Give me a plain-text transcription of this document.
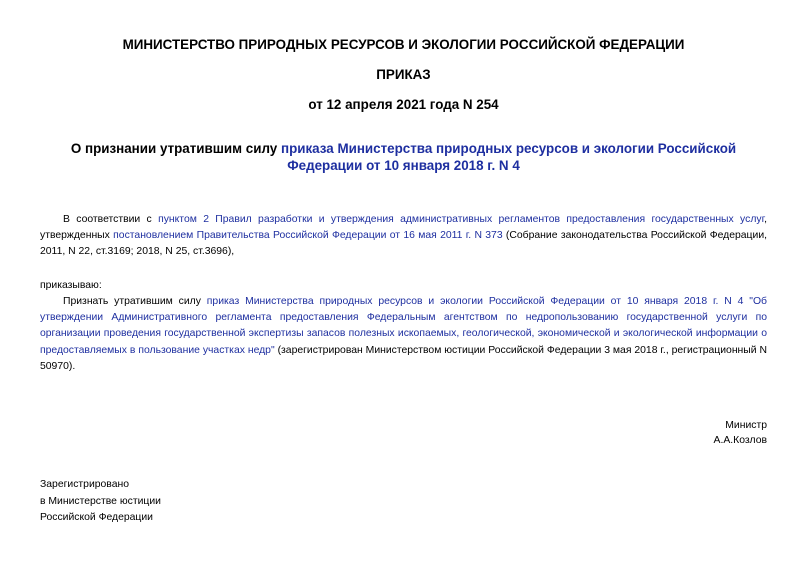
МИНИСТЕРСТВО ПРИРОДНЫХ РЕСУРСОВ И ЭКОЛОГИИ РОССИЙСКОЙ ФЕДЕРАЦИИ
ПРИКАЗ
от 12 апреля 2021 года N 254
О признании утратившим силу приказа Министерства природных ресурсов и экологии Российской Федерации от 10 января 2018 г. N 4

В соответствии с пунктом 2 Правил разработки и утверждения административных регламентов предоставления государственных услуг, утвержденных постановлением Правительства Российской Федерации от 16 мая 2011 г. N 373 (Собрание законодательства Российской Федерации, 2011, N 22, ст.3169; 2018, N 25, ст.3696),

приказываю:

Признать утратившим силу приказ Министерства природных ресурсов и экологии Российской Федерации от 10 января 2018 г. N 4 "Об утверждении Административного регламента предоставления Федеральным агентством по недропользованию государственной услуги по организации проведения государственной экспертизы запасов полезных ископаемых, геологической, экономической и экологической информации о предоставляемых в пользование участках недр" (зарегистрирован Министерством юстиции Российской Федерации 3 мая 2018 г., регистрационный N 50970).

Министр
А.А.Козлов
Зарегистрировано
в Министерстве юстиции
Российской Федерации
